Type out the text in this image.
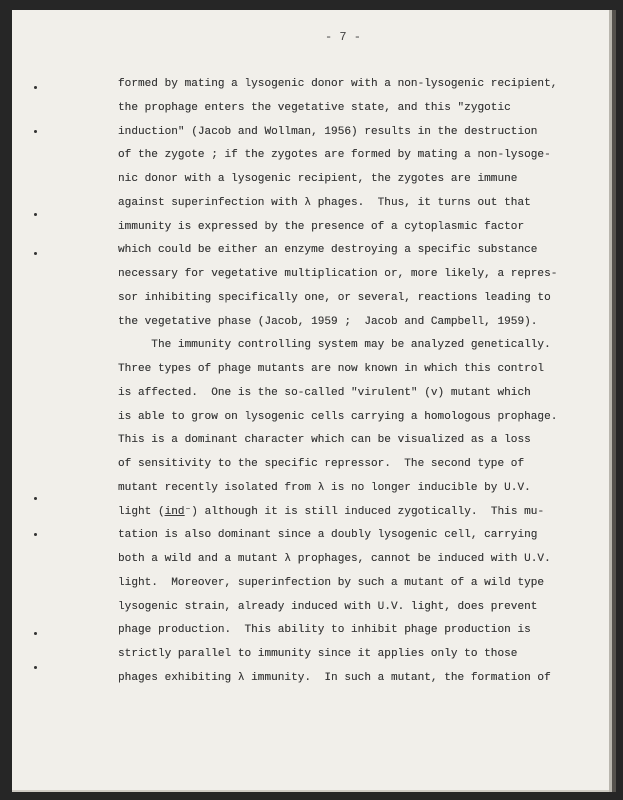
- 7 -
formed by mating a lysogenic donor with a non-lysogenic recipient,
the prophage enters the vegetative state, and this "zygotic
induction" (Jacob and Wollman, 1956) results in the destruction
of the zygote ; if the zygotes are formed by mating a non-lysoge-
nic donor with a lysogenic recipient, the zygotes are immune
against superinfection with λ phages.  Thus, it turns out that
immunity is expressed by the presence of a cytoplasmic factor
which could be either an enzyme destroying a specific substance
necessary for vegetative multiplication or, more likely, a repres-
sor inhibiting specifically one, or several, reactions leading to
the vegetative phase (Jacob, 1959 ;  Jacob and Campbell, 1959).
The immunity controlling system may be analyzed genetically.
Three types of phage mutants are now known in which this control
is affected.  One is the so-called "virulent" (v) mutant which
is able to grow on lysogenic cells carrying a homologous prophage.
This is a dominant character which can be visualized as a loss
of sensitivity to the specific repressor.  The second type of
mutant recently isolated from λ is no longer inducible by U.V.
light (ind⁻) although it is still induced zygotically.  This mu-
tation is also dominant since a doubly lysogenic cell, carrying
both a wild and a mutant λ prophages, cannot be induced with U.V.
light.  Moreover, superinfection by such a mutant of a wild type
lysogenic strain, already induced with U.V. light, does prevent
phage production.  This ability to inhibit phage production is
strictly parallel to immunity since it applies only to those
phages exhibiting λ immunity.  In such a mutant, the formation of
